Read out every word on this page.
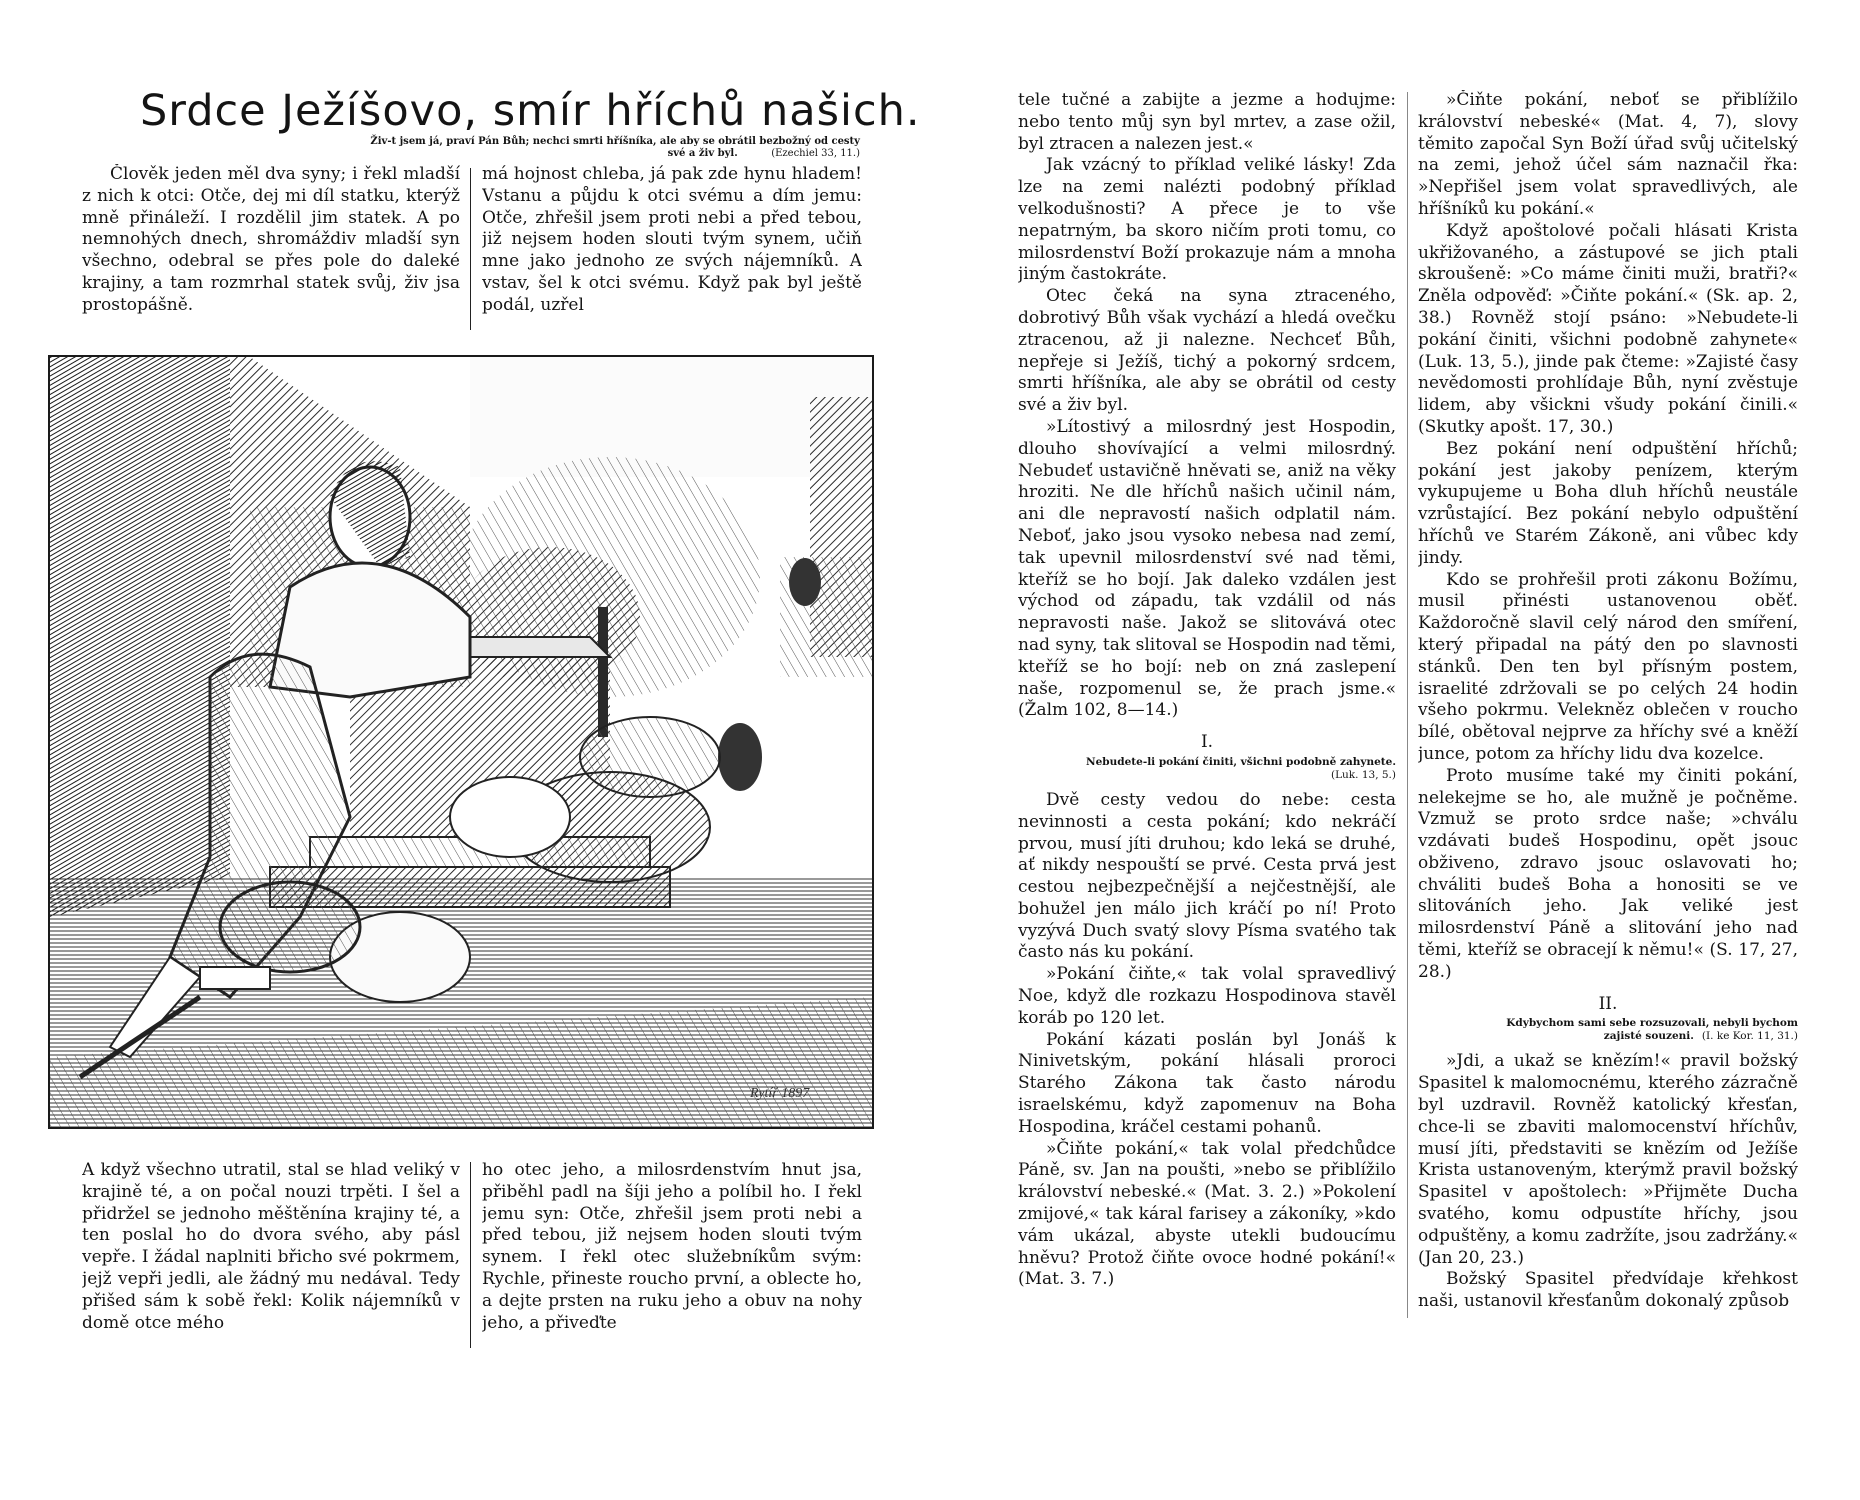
Srdce Ježíšovo, smír hříchů našich.
Živ-t jsem já, praví Pán Bůh; nechci smrti hříšníka, ale aby se obrátil bezbožný od cesty své a živ byl.	(Ezechiel 33, 11.)

Člověk jeden měl dva syny; i řekl mladší z nich k otci: Otče, dej mi díl statku, kterýž mně přináleží. I rozdělil jim statek. A po nemnohých dnech, shromáždiv mladší syn všechno, odebral se přes pole do daleké krajiny, a tam rozmrhal statek svůj, živ jsa prostopášně.

má hojnost chleba, já pak zde hynu hladem! Vstanu a půjdu k otci svému a dím jemu: Otče, zhřešil jsem proti nebi a před tebou, již nejsem hoden slouti tvým synem, učiň mne jako jednoho ze svých nájemníků. A vstav, šel k otci svému. Když pak byl ještě podál, uzřel

Rytíř 1897

A když všechno utratil, stal se hlad veliký v krajině té, a on počal nouzi trpěti. I šel a přidržel se jednoho měštěnína krajiny té, a ten poslal ho do dvora svého, aby pásl vepře. I žádal naplniti břicho své pokrmem, jejž vepři jedli, ale žádný mu nedával. Tedy přišed sám k sobě řekl: Kolik nájemníků v domě otce mého

ho otec jeho, a milosrdenstvím hnut jsa, přiběhl padl na šíji jeho a políbil ho. I řekl jemu syn: Otče, zhřešil jsem proti nebi a před tebou, již nejsem hoden slouti tvým synem. I řekl otec služebníkům svým: Rychle, přineste roucho první, a oblecte ho, a dejte prsten na ruku jeho a obuv na nohy jeho, a přiveďte

tele tučné a zabijte a jezme a hodujme: nebo tento můj syn byl mrtev, a zase ožil, byl ztracen a nalezen jest.«

Jak vzácný to příklad veliké lásky! Zda lze na zemi nalézti podobný příklad velkodušnosti? A přece je to vše nepatrným, ba skoro ničím proti tomu, co milosrdenství Boží prokazuje nám a mnoha jiným častokráte.

Otec čeká na syna ztraceného, dobrotivý Bůh však vychází a hledá ovečku ztracenou, až ji nalezne. Nechceť Bůh, nepřeje si Ježíš, tichý a pokorný srdcem, smrti hříšníka, ale aby se obrátil od cesty své a živ byl.

»Lítostivý a milosrdný jest Hospodin, dlouho shovívající a velmi milosrdný. Nebudeť ustavičně hněvati se, aniž na věky hroziti. Ne dle hříchů našich učinil nám, ani dle nepravostí našich odplatil nám. Neboť, jako jsou vysoko nebesa nad zemí, tak upevnil milosrdenství své nad těmi, kteříž se ho bojí. Jak daleko vzdálen jest východ od západu, tak vzdálil od nás nepravosti naše. Jakož se slitovává otec nad syny, tak slitoval se Hospodin nad těmi, kteříž se ho bojí: neb on zná zaslepení naše, rozpomenul se, že prach jsme.« (Žalm 102, 8—14.)

I.

Nebudete-li pokání činiti, všichni podobně zahynete.(Luk. 13, 5.)

Dvě cesty vedou do nebe: cesta nevinnosti a cesta pokání; kdo nekráčí prvou, musí jíti druhou; kdo leká se druhé, ať nikdy nespouští se prvé. Cesta prvá jest cestou nejbezpečnější a nejčestnější, ale bohužel jen málo jich kráčí po ní! Proto vyzývá Duch svatý slovy Písma svatého tak často nás ku pokání.

»Pokání čiňte,« tak volal spravedlivý Noe, když dle rozkazu Hospodinova stavěl koráb po 120 let.

Pokání kázati poslán byl Jonáš k Ninivetským, pokání hlásali proroci Starého Zákona tak často národu israelskému, když zapomenuv na Boha Hospodina, kráčel cestami pohanů.

»Čiňte pokání,« tak volal předchůdce Páně, sv. Jan na poušti, »nebo se přiblížilo království nebeské.« (Mat. 3. 2.) »Pokolení zmijové,« tak káral farisey a zákoníky, »kdo vám ukázal, abyste utekli budoucímu hněvu? Protož čiňte ovoce hodné pokání!« (Mat. 3. 7.)

»Čiňte pokání, neboť se přiblížilo království nebeské« (Mat. 4, 7), slovy těmito započal Syn Boží úřad svůj učitelský na zemi, jehož účel sám naznačil řka: »Nepřišel jsem volat spravedlivých, ale hříšníků ku pokání.«

Když apoštolové počali hlásati Krista ukřižovaného, a zástupové se jich ptali skroušeně: »Co máme činiti muži, bratři?« Zněla odpověď: »Čiňte pokání.« (Sk. ap. 2, 38.) Rovněž stojí psáno: »Nebudete-li pokání činiti, všichni podobně zahynete« (Luk. 13, 5.), jinde pak čteme: »Zajisté časy nevědomosti prohlídaje Bůh, nyní zvěstuje lidem, aby všickni všudy pokání činili.« (Skutky apošt. 17, 30.)

Bez pokání není odpuštění hříchů; pokání jest jakoby penízem, kterým vykupujeme u Boha dluh hříchů neustále vzrůstající. Bez pokání nebylo odpuštění hříchů ve Starém Zákoně, ani vůbec kdy jindy.

Kdo se prohřešil proti zákonu Božímu, musil přinésti ustanovenou oběť. Každoročně slavil celý národ den smíření, který připadal na pátý den po slavnosti stánků. Den ten byl přísným postem, israelité zdržovali se po celých 24 hodin všeho pokrmu. Velekněz oblečen v roucho bílé, obětoval nejprve za hříchy své a kněží junce, potom za hříchy lidu dva kozelce.

Proto musíme také my činiti pokání, nelekejme se ho, ale mužně je počněme. Vzmuž se proto srdce naše; »chválu vzdávati budeš Hospodinu, opět jsouc obživeno, zdravo jsouc oslavovati ho; chváliti budeš Boha a honositi se ve slitováních jeho. Jak veliké jest milosrdenství Páně a slitování jeho nad těmi, kteříž se obracejí k němu!« (S. 17, 27, 28.)

II.

Kdybychom sami sebe rozsuzovali, nebyli bychom zajisté souzeni. (I. ke Kor. 11, 31.)

»Jdi, a ukaž se knězím!« pravil božský Spasitel k malomocnému, kterého zázračně byl uzdravil. Rovněž katolický křesťan, chce-li se zbaviti malomocenství hříchův, musí jíti, představiti se knězím od Ježíše Krista ustanoveným, kterýmž pravil božský Spasitel v apoštolech: »Přijměte Ducha svatého, komu odpustíte hříchy, jsou odpuštěny, a komu zadržíte, jsou zadržány.« (Jan 20, 23.)

Božský Spasitel předvídaje křehkost naši, ustanovil křesťanům dokonalý způsob
